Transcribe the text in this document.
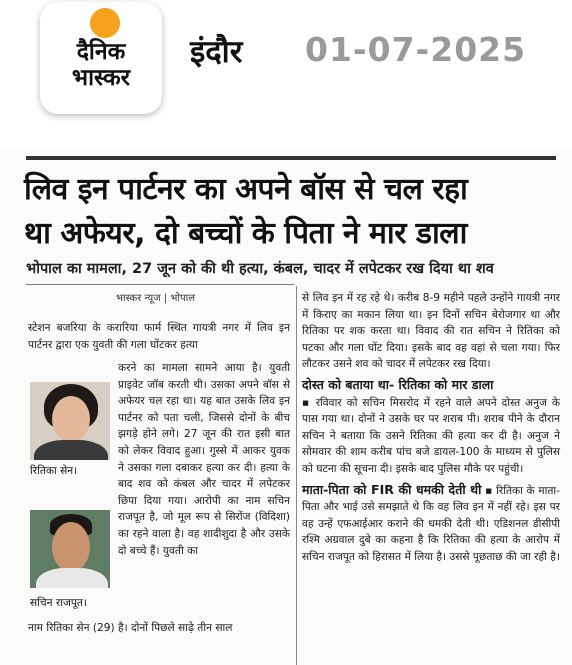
दैनिक
भास्कर
इंदौर 01-07-2025
लिव इन पार्टनर का अपने बॉस से चल रहा
था अफेयर, दो बच्चों के पिता ने मार डाला
भोपाल का मामला, 27 जून को की थी हत्या, कंबल, चादर में लपेटकर रख दिया था शव
भास्कर न्यूज | भोपाल
स्टेशन बजरिया के करारिया फार्म स्थित गायत्री नगर में लिव इन पार्टनर द्वारा एक युवती की गला घोंटकर हत्या
रितिका सेन।
सचिन राजपूत।
करने का मामला सामने आया है। युवती प्राइवेट जॉब करती थी। उसका अपने बॉस से अफेयर चल रहा था। यह बात उसके लिव इन पार्टनर को पता चली, जिससे दोनों के बीच झगड़े होने लगे। 27 जून की रात इसी बात को लेकर विवाद हुआ। गुस्से में आकर युवक ने उसका गला दबाकर हत्या कर दी। हत्या के बाद शव को कंबल और चादर में लपेटकर छिपा दिया गया। आरोपी का नाम सचिन राजपूत है, जो मूल रूप से सिरोंज (विदिशा) का रहने वाला है। वह शादीशुदा है और उसके दो बच्चे हैं। युवती का
नाम रितिका सेन (29) है। दोनों पिछले साढ़े तीन साल

से लिव इन में रह रहे थे। करीब 8-9 महीने पहले उन्होंने गायत्री नगर में किराए का मकान लिया था। इन दिनों सचिन बेरोजगार था और रितिका पर शक करता था। विवाद की रात सचिन ने रितिका को पटका और गला घोंट दिया। इसके बाद वह वहां से चला गया। फिर लौटकर उसने शव को चादर में लपेटकर रख दिया।

दोस्त को बताया था- रितिका को मार डाला

▪ रविवार को सचिन मिसरोद में रहने वाले अपने दोस्त अनुज के पास गया था। दोनों ने उसके घर पर शराब पी। शराब पीने के दौरान सचिन ने बताया कि उसने रितिका की हत्या कर दी है। अनुज ने सोमवार की शाम करीब पांच बजे डायल-100 के माध्यम से पुलिस को घटना की सूचना दी। इसके बाद पुलिस मौके पर पहुंची।

माता-पिता को FIR की धमकी देती थी ▪ रितिका के माता-पिता और भाई उसे समझाते थे कि वह लिव इन में नहीं रहे। इस पर वह उन्हें एफआईआर कराने की धमकी देती थी। एडिशनल डीसीपी रश्मि अग्रवाल दुबे का कहना है कि रितिका की हत्या के आरोप में सचिन राजपूत को हिरासत में लिया है। उससे पूछताछ की जा रही है।
